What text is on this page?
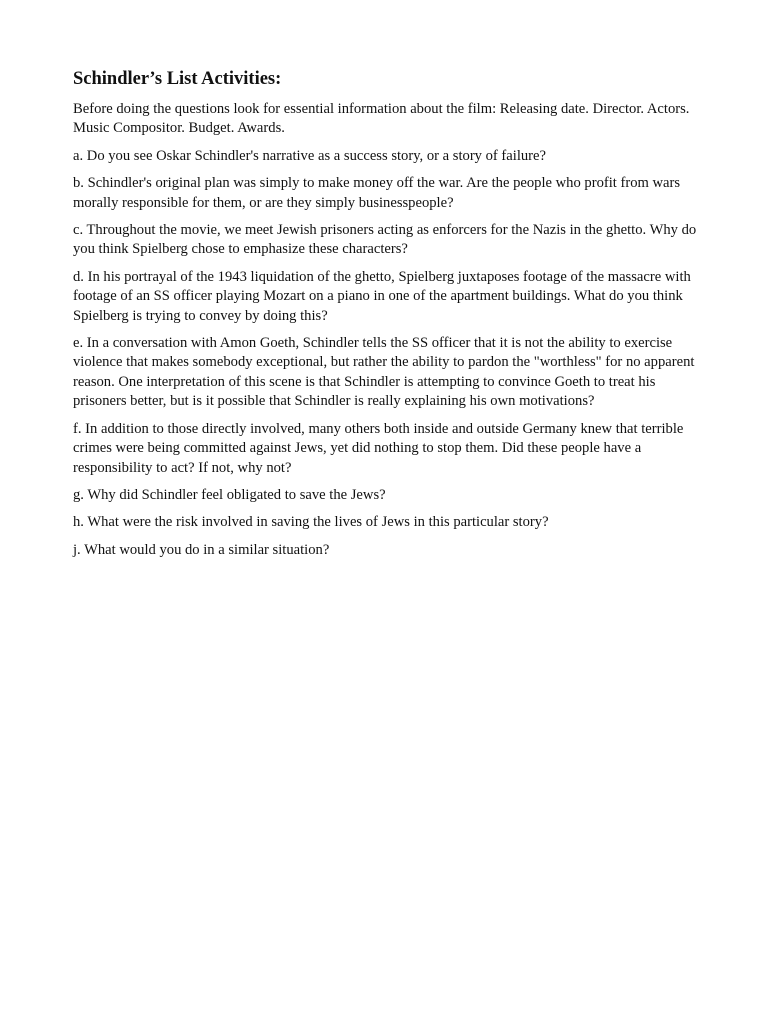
Schindler’s List Activities:

Before doing the questions look for essential information about the film: Releasing date. Director. Actors. Music Compositor. Budget. Awards.

a. Do you see Oskar Schindler's narrative as a success story, or a story of failure?

b. Schindler's original plan was simply to make money off the war. Are the people who profit from wars morally responsible for them, or are they simply businesspeople?

c. Throughout the movie, we meet Jewish prisoners acting as enforcers for the Nazis in the ghetto. Why do you think Spielberg chose to emphasize these characters?

d. In his portrayal of the 1943 liquidation of the ghetto, Spielberg juxtaposes footage of the massacre with footage of an SS officer playing Mozart on a piano in one of the apartment buildings. What do you think Spielberg is trying to convey by doing this?

e. In a conversation with Amon Goeth, Schindler tells the SS officer that it is not the ability to exercise violence that makes somebody exceptional, but rather the ability to pardon the "worthless" for no apparent reason. One interpretation of this scene is that Schindler is attempting to convince Goeth to treat his prisoners better, but is it possible that Schindler is really explaining his own motivations?

f. In addition to those directly involved, many others both inside and outside Germany knew that terrible crimes were being committed against Jews, yet did nothing to stop them. Did these people have a responsibility to act? If not, why not?

g. Why did Schindler feel obligated to save the Jews?

h. What were the risk involved in saving the lives of Jews in this particular story?

j. What would you do in a similar situation?
